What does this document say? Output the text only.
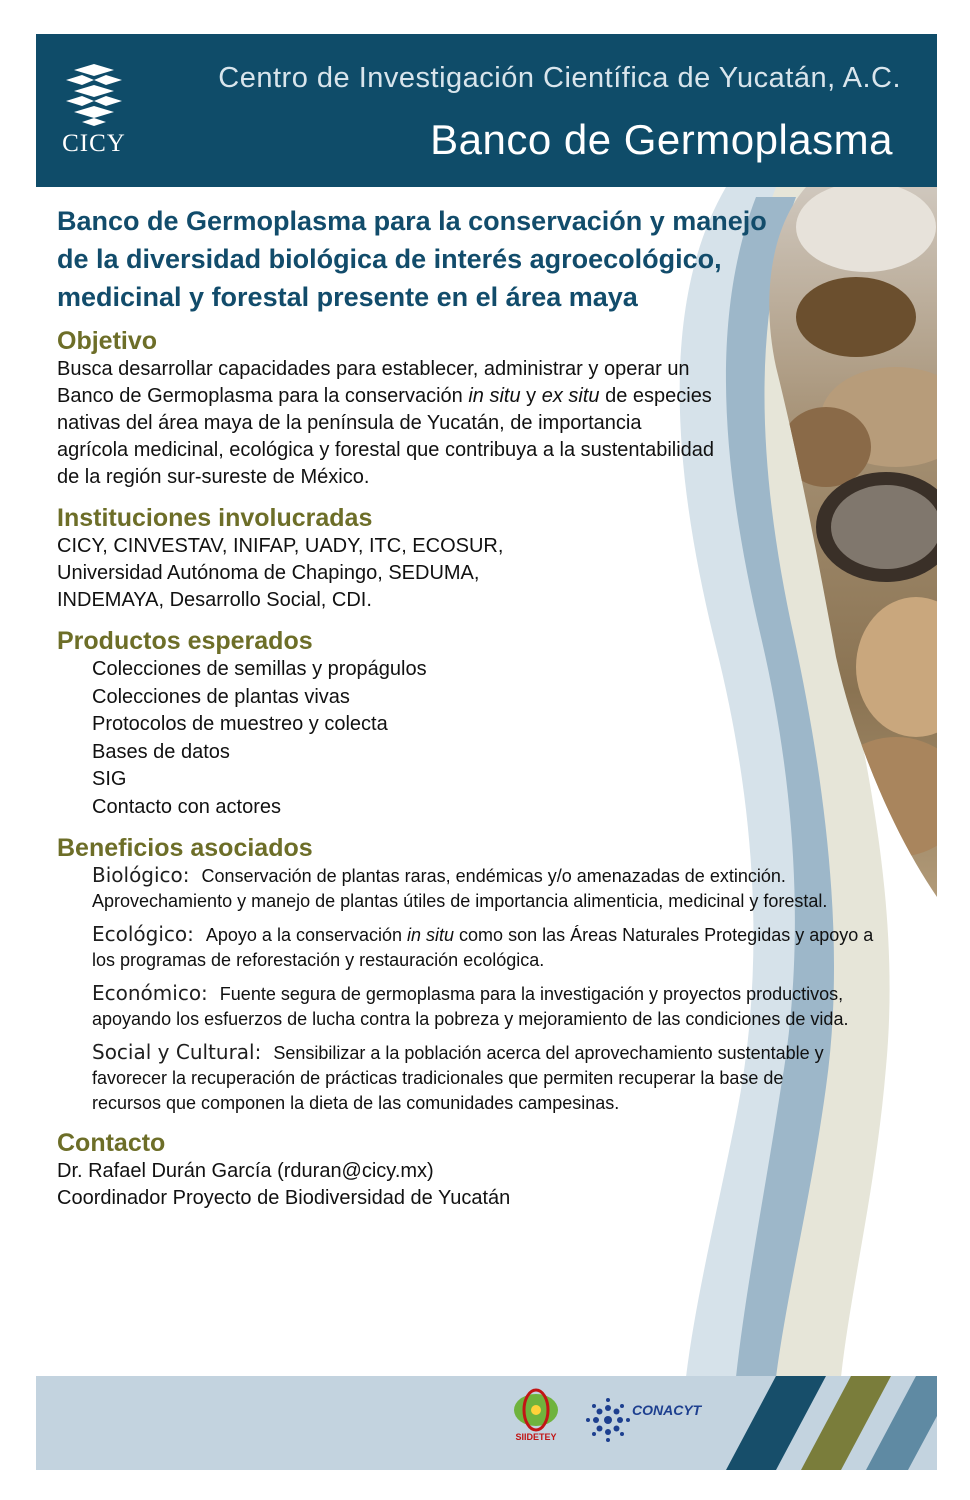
CICY
Centro de Investigación Científica de Yucatán, A.C.
Banco de Germoplasma
Banco de Germoplasma para la conservación y manejo
de la diversidad biológica de interés agroecológico,
medicinal y forestal presente en el área maya
Objetivo

Busca desarrollar capacidades para establecer, administrar y operar un Banco de Germoplasma para la conservación in situ y ex situ de especies nativas del área maya de la península de Yucatán, de importancia agrícola medicinal, ecológica y forestal que contribuya a la sustentabilidad de la región sur-sureste de México.

Instituciones involucradas

CICY, CINVESTAV, INIFAP, UADY, ITC, ECOSUR,
Universidad Autónoma de Chapingo, SEDUMA,
INDEMAYA, Desarrollo Social, CDI.

Productos esperados
Colecciones de semillas y propágulos
Colecciones de plantas vivas
Protocolos de muestreo y colecta
Bases de datos
SIG
Contacto con actores
Beneficios asociados
Biológico: Conservación de plantas raras, endémicas y/o amenazadas de extinción. Aprovechamiento y manejo de plantas útiles de importancia alimenticia, medicinal y forestal.
Ecológico: Apoyo a la conservación in situ como son las Áreas Naturales Protegidas y apoyo a los programas de reforestación y restauración ecológica.
Económico: Fuente segura de germoplasma para la investigación y proyectos productivos, apoyando los esfuerzos de lucha contra la pobreza y mejoramiento de las condiciones de vida.
Social y Cultural: Sensibilizar a la población acerca del aprovechamiento sustentable y favorecer la recuperación de prácticas tradicionales que permiten recuperar la base de recursos que componen la dieta de las comunidades campesinas.
Contacto

Dr. Rafael Durán García (rduran@cicy.mx)
Coordinador Proyecto de Biodiversidad de Yucatán

SIIDETEY
CONACYT
